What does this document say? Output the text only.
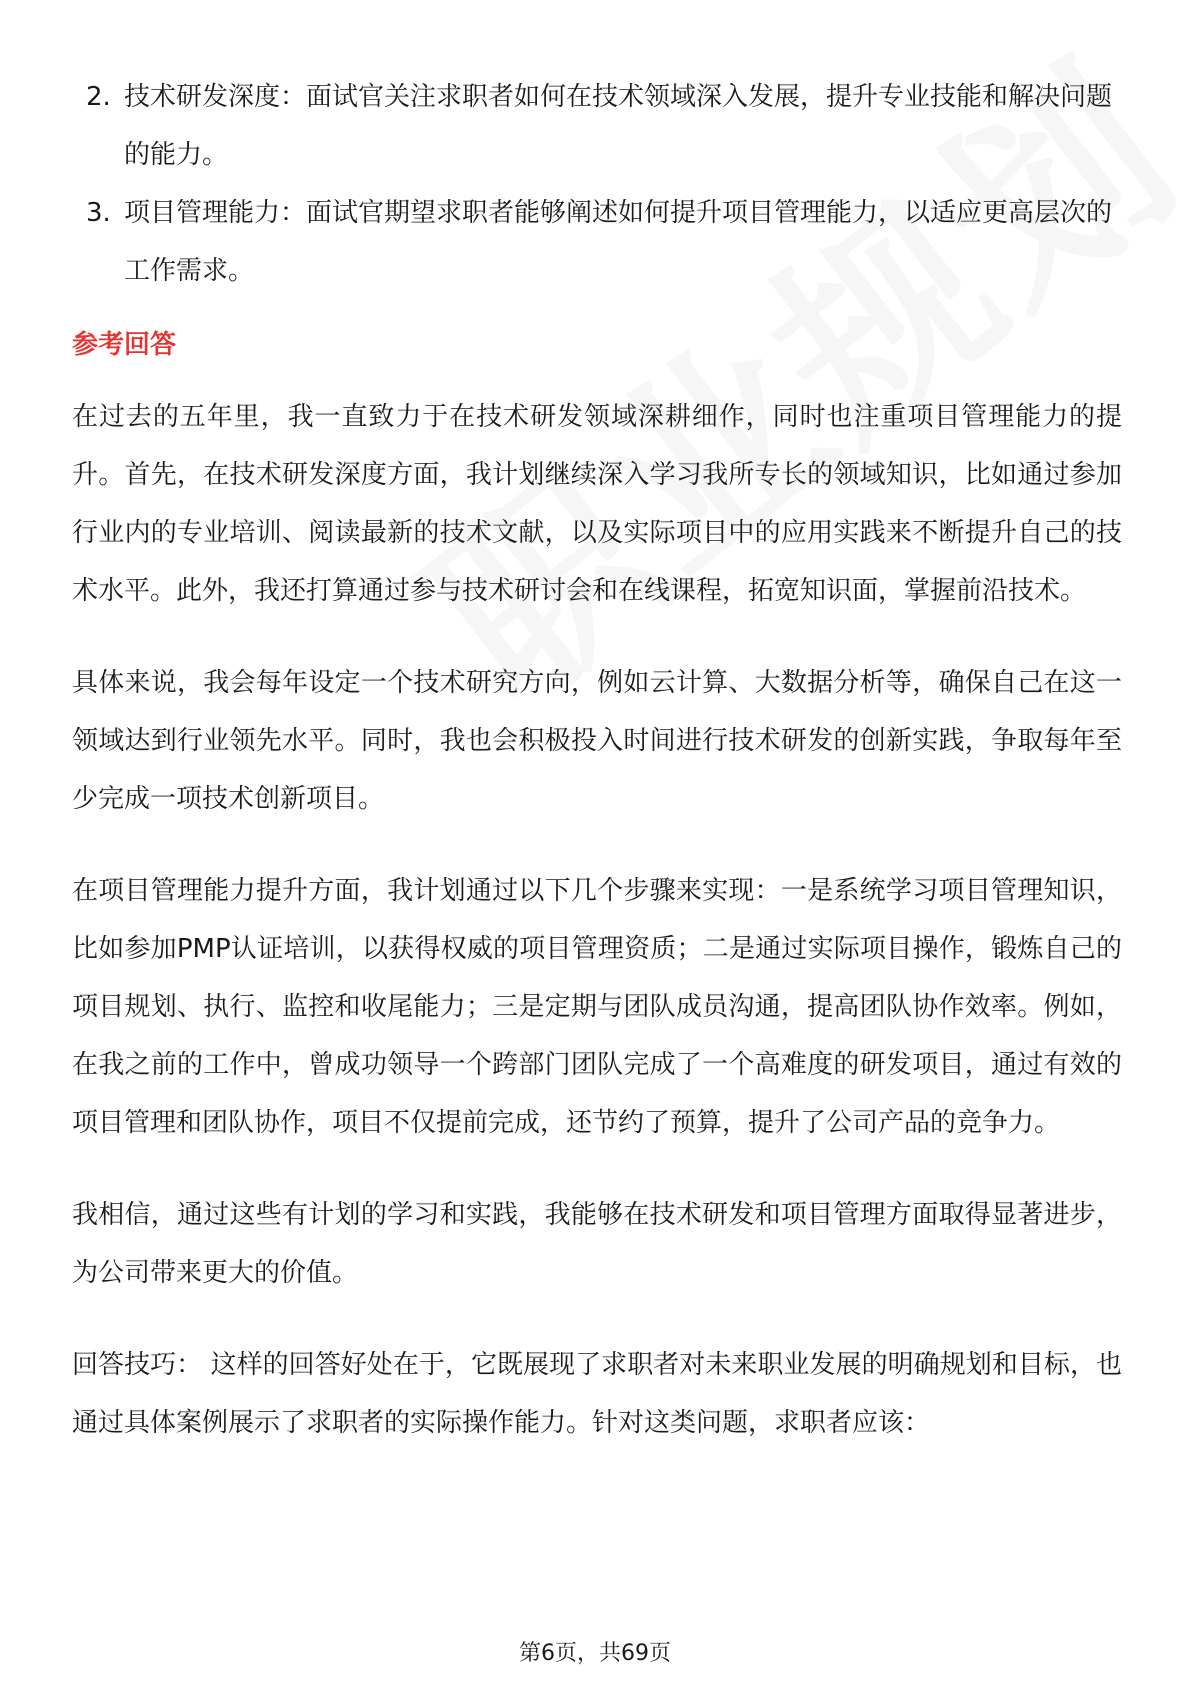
2. 技术研发深度：面试官关注求职者如何在技术领域深入发展，提升专业技能和解决问题的能力。
3. 项目管理能力：面试官期望求职者能够阐述如何提升项目管理能力，以适应更高层次的工作需求。
参考回答

在过去的五年里，我一直致力于在技术研发领域深耕细作，同时也注重项目管理能力的提升。首先，在技术研发深度方面，我计划继续深入学习我所专长的领域知识，比如通过参加行业内的专业培训、阅读最新的技术文献，以及实际项目中的应用实践来不断提升自己的技术水平。此外，我还打算通过参与技术研讨会和在线课程，拓宽知识面，掌握前沿技术。

具体来说，我会每年设定一个技术研究方向，例如云计算、大数据分析等，确保自己在这一领域达到行业领先水平。同时，我也会积极投入时间进行技术研发的创新实践，争取每年至少完成一项技术创新项目。

在项目管理能力提升方面，我计划通过以下几个步骤来实现：一是系统学习项目管理知识，比如参加PMP认证培训，以获得权威的项目管理资质；二是通过实际项目操作，锻炼自己的项目规划、执行、监控和收尾能力；三是定期与团队成员沟通，提高团队协作效率。例如，在我之前的工作中，曾成功领导一个跨部门团队完成了一个高难度的研发项目，通过有效的项目管理和团队协作，项目不仅提前完成，还节约了预算，提升了公司产品的竞争力。

我相信，通过这些有计划的学习和实践，我能够在技术研发和项目管理方面取得显著进步，为公司带来更大的价值。

回答技巧： 这样的回答好处在于，它既展现了求职者对未来职业发展的明确规划和目标，也通过具体案例展示了求职者的实际操作能力。针对这类问题，求职者应该：

第6页，共69页
